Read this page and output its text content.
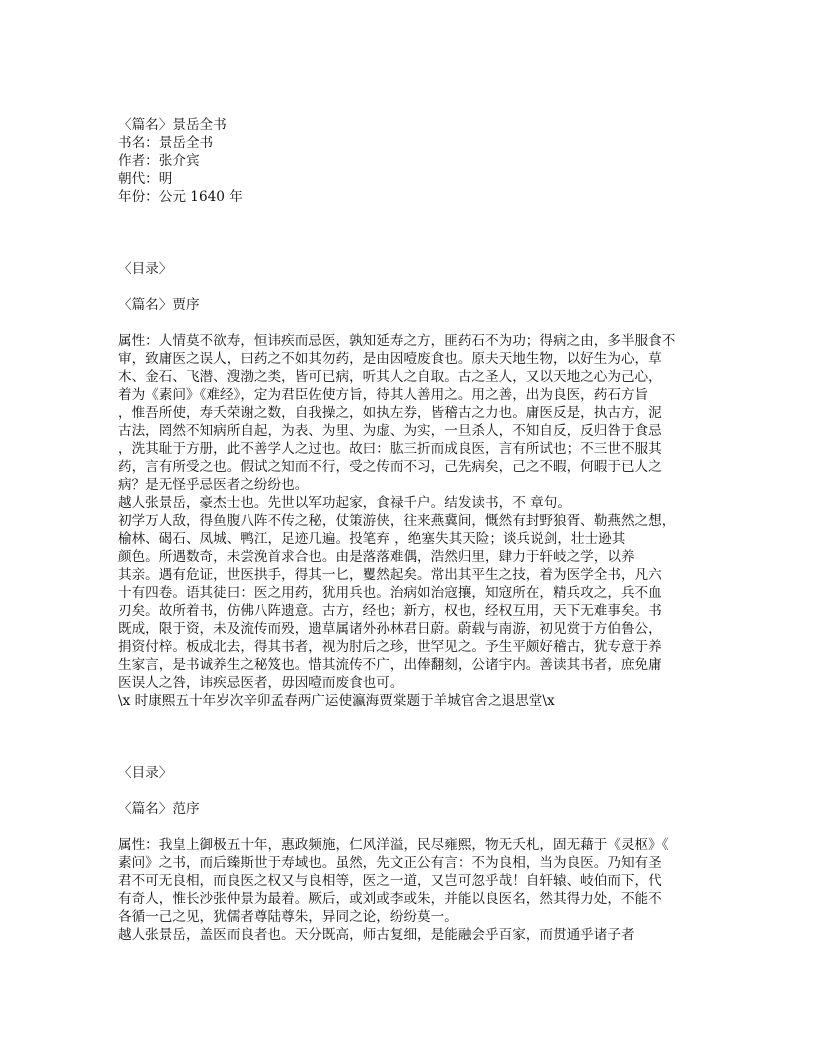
〈篇名〉景岳全书
书名：景岳全书
作者：张介宾
朝代：明
年份：公元 1640 年
〈目录〉
〈篇名〉贾序
属性：人情莫不欲寿，恒讳疾而忌医，孰知延寿之方，匪药石不为功；得病之由，多半服食不
审，致庸医之误人，曰药之不如其勿药，是由因噎废食也。原夫天地生物，以好生为心，草
木、金石、飞潜、溲渤之类，皆可已病，听其人之自取。古之圣人，又以天地之心为己心，
着为《素问》《难经》，定为君臣佐使方旨，待其人善用之。用之善，出为良医，药石方旨
，惟吾所使，寿夭荣谢之数，自我操之，如执左券，皆稽古之力也。庸医反是，执古方，泥
古法，罔然不知病所自起，为表、为里、为虚、为实，一旦杀人，不知自反，反归咎于食忌
，洗其耻于方册，此不善学人之过也。故曰：肱三折而成良医，言有所试也；不三世不服其
药，言有所受之也。假试之知而不行，受之传而不习，己先病矣，己之不暇，何暇于已人之
病？是无怪乎忌医者之纷纷也。
越人张景岳，豪杰士也。先世以军功起家，食禄千户。结发读书，不 章句。
初学万人敌，得鱼腹八阵不传之秘，仗策游侠，往来燕冀间，慨然有封野狼胥、勒燕然之想，
榆林、碣石、凤城、鸭江，足迹几遍。投笔弃 ，绝塞失其天险；谈兵说剑，壮士逊其
颜色。所遇数奇，未尝浼首求合也。由是落落难偶，浩然归里，肆力于轩岐之学，以养
其亲。遇有危证，世医拱手，得其一匕，矍然起矣。常出其平生之技，着为医学全书，凡六
十有四卷。语其徒曰：医之用药，犹用兵也。治病如治寇攘，知寇所在，精兵攻之，兵不血
刃矣。故所着书，仿佛八阵遗意。古方，经也；新方，权也，经权互用，天下无难事矣。书
既成，限于资，未及流传而殁，遗草属诸外孙林君日蔚。蔚载与南游，初见赏于方伯鲁公，
捐资付梓。板成北去，得其书者，视为肘后之珍，世罕见之。予生平颇好稽古，犹专意于养
生家言，是书诚养生之秘笈也。惜其流传不广，出俸翻刻，公诸宇内。善读其书者，庶免庸
医误人之咎，讳疾忌医者，毋因噎而废食也可。
\x 时康熙五十年岁次辛卯孟春两广运使瀛海贾棠题于羊城官舍之退思堂\x
〈目录〉
〈篇名〉范序
属性：我皇上御极五十年，惠政频施，仁风洋溢，民尽雍熙，物无夭札，固无藉于《灵枢》《
素问》之书，而后臻斯世于寿域也。虽然，先文正公有言：不为良相，当为良医。乃知有圣
君不可无良相，而良医之权又与良相等，医之一道，又岂可忽乎哉！自轩辕、岐伯而下，代
有奇人，惟长沙张仲景为最着。厥后，或刘或李或朱，并能以良医名，然其得力处，不能不
各循一己之见，犹儒者尊陆尊朱，异同之论，纷纷莫一。
越人张景岳，盖医而良者也。天分既高，师古复细，是能融会乎百家，而贯通乎诸子者
